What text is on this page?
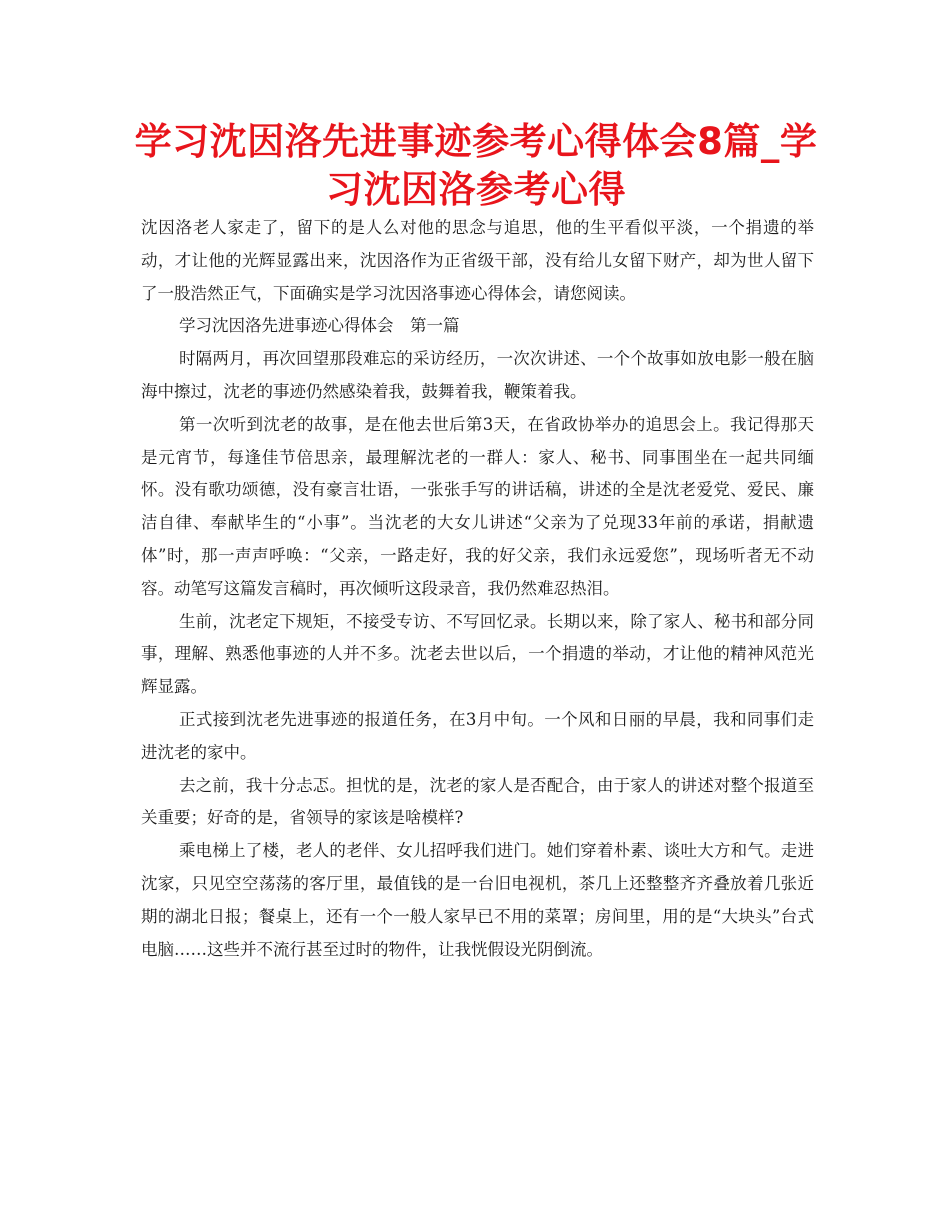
学习沈因洛先进事迹参考心得体会8篇_学习沈因洛参考心得

沈因洛老人家走了，留下的是人么对他的思念与追思，他的生平看似平淡，一个捐遗的举动，才让他的光辉显露出来，沈因洛作为正省级干部，没有给儿女留下财产，却为世人留下了一股浩然正气，下面确实是学习沈因洛事迹心得体会，请您阅读。

学习沈因洛先进事迹心得体会　第一篇

时隔两月，再次回望那段难忘的采访经历，一次次讲述、一个个故事如放电影一般在脑海中擦过，沈老的事迹仍然感染着我，鼓舞着我，鞭策着我。

第一次听到沈老的故事，是在他去世后第3天，在省政协举办的追思会上。我记得那天是元宵节，每逢佳节倍思亲，最理解沈老的一群人：家人、秘书、同事围坐在一起共同缅怀。没有歌功颂德，没有豪言壮语，一张张手写的讲话稿，讲述的全是沈老爱党、爱民、廉洁自律、奉献毕生的“小事”。当沈老的大女儿讲述“父亲为了兑现33年前的承诺，捐献遗体”时，那一声声呼唤：“父亲，一路走好，我的好父亲，我们永远爱您”，现场听者无不动容。动笔写这篇发言稿时，再次倾听这段录音，我仍然难忍热泪。

生前，沈老定下规矩，不接受专访、不写回忆录。长期以来，除了家人、秘书和部分同事，理解、熟悉他事迹的人并不多。沈老去世以后，一个捐遗的举动，才让他的精神风范光辉显露。

正式接到沈老先进事迹的报道任务，在3月中旬。一个风和日丽的早晨，我和同事们走进沈老的家中。

去之前，我十分忐忑。担忧的是，沈老的家人是否配合，由于家人的讲述对整个报道至关重要；好奇的是，省领导的家该是啥模样?

乘电梯上了楼，老人的老伴、女儿招呼我们进门。她们穿着朴素、谈吐大方和气。走进沈家，只见空空荡荡的客厅里，最值钱的是一台旧电视机，茶几上还整整齐齐叠放着几张近期的湖北日报；餐桌上，还有一个一般人家早已不用的菜罩；房间里，用的是“大块头”台式电脑……这些并不流行甚至过时的物件，让我恍假设光阴倒流。
